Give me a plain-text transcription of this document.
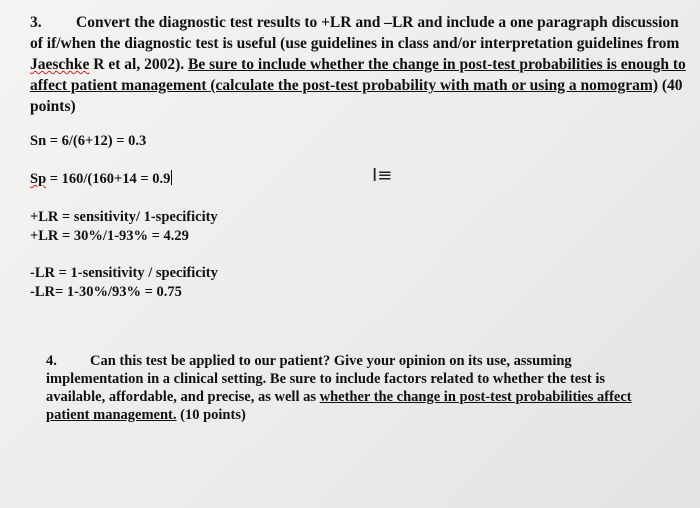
3. Convert the diagnostic test results to +LR and –LR and include a one paragraph discussion of if/when the diagnostic test is useful (use guidelines in class and/or interpretation guidelines from Jaeschke R et al, 2002). Be sure to include whether the change in post-test probabilities is enough to affect patient management (calculate the post-test probability with math or using a nomogram) (40 points)
Sn = 6/(6+12) = 0.3
Sp = 160/(160+14 = 0.9	I≡
+LR = sensitivity/ 1-specificity
+LR = 30%/1-93% = 4.29
-LR = 1-sensitivity / specificity
-LR= 1-30%/93% = 0.75
4. Can this test be applied to our patient? Give your opinion on its use, assuming implementation in a clinical setting. Be sure to include factors related to whether the test is available, affordable, and precise, as well as whether the change in post-test probabilities affect patient management. (10 points)
